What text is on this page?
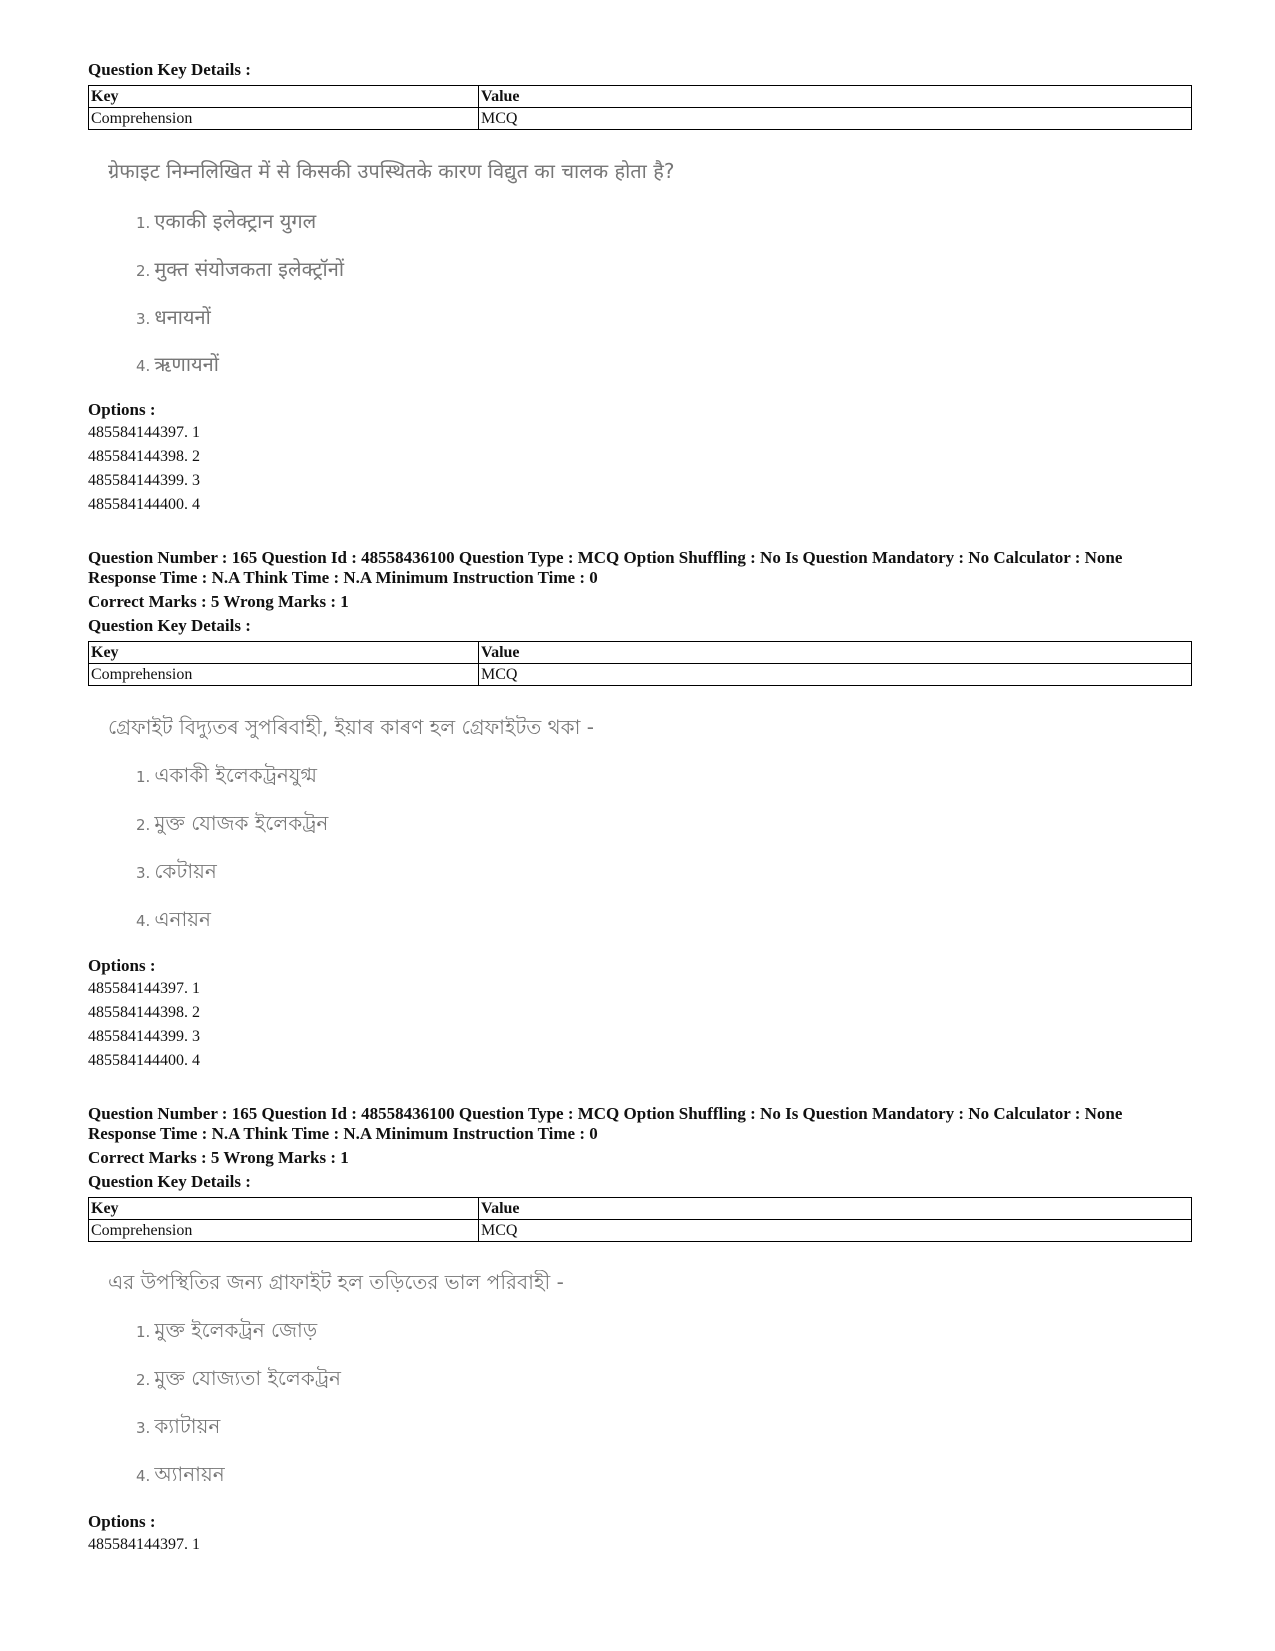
Question Key Details :
Key	Value
Comprehension	MCQ
ग्रेफाइट निम्नलिखित में से किसकी उपस्थितके कारण विद्युत का चालक होता है?
1. एकाकी इलेक्ट्रान युगल
2. मुक्त संयोजकता इलेक्ट्रॉनों
3. धनायनों
4. ऋणायनों
Options :
485584144397. 1
485584144398. 2
485584144399. 3
485584144400. 4
Question Number : 165 Question Id : 48558436100 Question Type : MCQ Option Shuffling : No Is Question Mandatory : No Calculator : None
Response Time : N.A Think Time : N.A Minimum Instruction Time : 0
Correct Marks : 5 Wrong Marks : 1
Question Key Details :
Key	Value
Comprehension	MCQ
গ্ৰেফাইট বিদ্যুতৰ সুপৰিবাহী, ইয়াৰ কাৰণ হল গ্ৰেফাইটত থকা -
1. একাকী ইলেকট্ৰনযুগ্ম
2. মুক্ত যোজক ইলেকট্ৰন
3. কেটায়ন
4. এনায়ন
Options :
485584144397. 1
485584144398. 2
485584144399. 3
485584144400. 4
Question Number : 165 Question Id : 48558436100 Question Type : MCQ Option Shuffling : No Is Question Mandatory : No Calculator : None
Response Time : N.A Think Time : N.A Minimum Instruction Time : 0
Correct Marks : 5 Wrong Marks : 1
Question Key Details :
Key	Value
Comprehension	MCQ
এর উপস্থিতির জন্য গ্রাফাইট হল তড়িতের ভাল পরিবাহী -
1. মুক্ত ইলেকট্রন জোড়
2. মুক্ত যোজ্যতা ইলেকট্রন
3. ক্যাটায়ন
4. অ্যানায়ন
Options :
485584144397. 1
